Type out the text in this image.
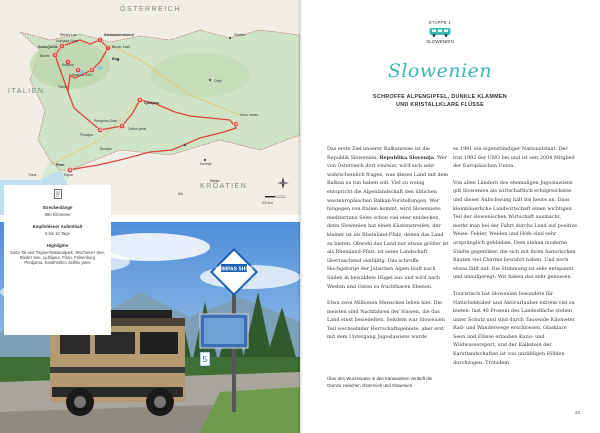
1
2
3
4
5	6
7
8
9
10
11
12
Karawankentunnel
Ribčev Laz
Kranjska Gora
Soča-Quelle
Bovec
Kobarid
Most na Soči
Bled
Bleder Insel
Tolmin
Ljubljana
Predjama Grad
Postojna
Piran
Zelšce jame
Škocjan
Kočevje
Novo mesto
Celje
Maribor
Triest	Kopar
Rijeka
Krk
ÖSTERREICH
ITALIEN
KROATIEN
25 km
KOMPAS SHOP
5
Streckenlänge
600 Kilometer
Empfohlener Aufenthalt
8 bis 10 Tage
Highlights
Soča-Tal und Triglav-Nationalpark, Wocheiner See, Bleder See, Ljubljana, Piran, Felsenburg Predjama, Karsthöhlen Zelške jame
ETAPPE 1
SLOWENIEN
Slowenien
SCHROFFE ALPENGIPFEL, DUNKLE KLAMMEN
UND KRISTALLKLARE FLÜSSE

Das erste Ziel unserer Balkanreise ist die Republik Slowenien, Republika Slovenija. Wer von Österreich dort einreist, wird sich sehr wahrscheinlich fragen, was dieses Land mit dem Balkan zu tun haben soll. Viel zu wenig entspricht die Alpenlandschaft den üblichen westeuropäischen Balkan-Vorstellungen. Wer hingegen von Italien kommt, wird Sloweniens mediterrane Seite schon viel eher entdecken, denn Slowenien hat einen Küstenstreifen, der kleiner ist als Rheinland-Pfalz, denen das Land zu bieten. Obwohl das Land nur etwas größer ist als Rheinland-Pfalz, ist seine Landschaft überraschend vielfältig. Das schroffe Hochgebirge der Julischen Alpen läuft nach Süden in bewaldete Hügel aus und wird nach Westen und Osten zu fruchtbaren Ebenen.

Etwa zwei Millionen Menschen leben hier. Die meisten sind Nachfahren der Slawen, die das Land einst besiedelten. Seitdem war Slowenien Teil wechselnder Herrschaftsgebiete, aber erst mit dem Untergang Jugoslawiens wurde

Über den Wurzenpass in den Karawanken verläuft die Grenze zwischen Österreich und Slowenien.

es 1991 ein eigenständiger Nationalstaat. Der trat 1992 der UNO bei und ist seit 2004 Mitglied der Europäischen Union.

Von allen Ländern des ehemaligen Jugoslawiens gilt Slowenien als wirtschaftlich erfolgreichstes und dieser Aufschwung hält bis heute an. Dass kleinbäuerliche Landwirtschaft einen wichtigen Teil der slowenischen Wirtschaft ausmacht, merkt man bei der Fahrt durchs Land auf positive Weise. Felder, Weiden und Höfe sind sehr ursprünglich geblieben. Dem stehen moderne Städte gegenüber, die sich mit ihren historischen Bauten viel Charme bewahrt haben. Und noch etwas fällt auf: Die Stimmung ist sehr entspannt und unaufgeregt: Wir haben das sehr genossen.

Touristisch hat Slowenien besonders für Naturliebhaber und Aktivurlauber extrem viel zu bieten: fast 40 Prozent des Landesfläche stehen unter Schutz und sind durch Tausende Kilometer Rad- und Wanderwege erschlossen. Glasklare Seen und Flüsse erlauben Kanu- und Wildwassersport, und der Kalkstein der Karstlandschaften ist von unzähligen Höhlen durchzogen. Trotzdem

21
